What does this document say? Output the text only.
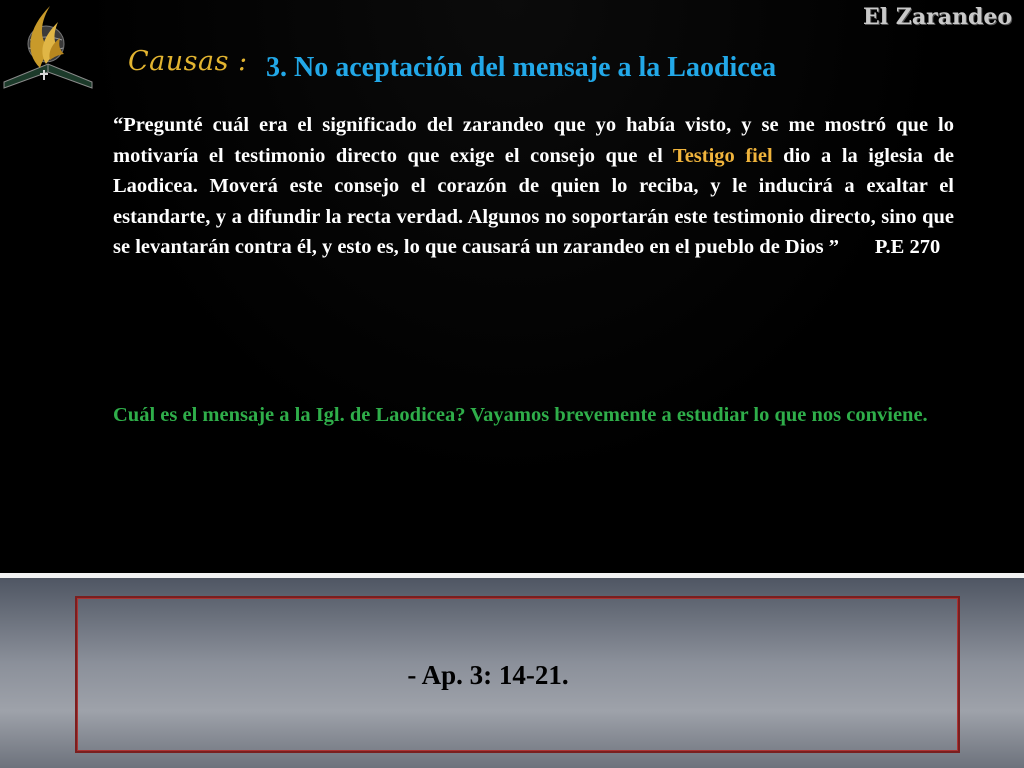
El Zarandeo
Causas : 3. No aceptación del mensaje a la Laodicea

“Pregunté cuál era el significado del zarandeo que yo había visto, y se me mostró que lo motivaría el testimonio directo que exige el consejo que el Testigo fiel dio a la iglesia de Laodicea. Moverá este consejo el corazón de quien lo reciba, y le inducirá a exaltar el estandarte, y a difundir la recta verdad. Algunos no soportarán este testimonio directo, sino que se levantarán contra él, y esto es, lo que causará un zarandeo en el pueblo de Dios ” P.E 270

Cuál es el mensaje a la Igl. de Laodicea? Vayamos brevemente a estudiar lo que nos conviene.

- Ap. 3: 14-21.
